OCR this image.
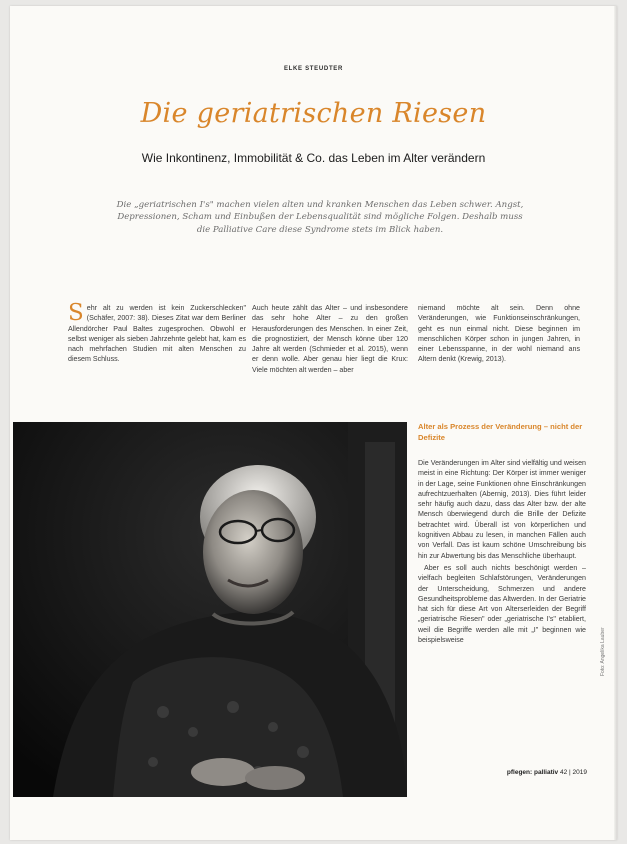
ELKE STEUDTER
Die geriatrischen Riesen
Wie Inkontinenz, Immobilität & Co. das Leben im Alter verändern
Die „geriatrischen I's" machen vielen alten und kranken Menschen das Leben schwer. Angst, Depressionen, Scham und Einbußen der Lebensqualität sind mögliche Folgen. Deshalb muss die Palliative Care diese Syndrome stets im Blick haben.
Sehr alt zu werden ist kein Zuckerschlecken" (Schäfer, 2007: 38). Dieses Zitat war dem Berliner Allendörcher Paul Baltes zugesprochen. Obwohl er selbst weniger als sieben Jahrzehnte gelebt hat, kam es nach mehrfachen Studien mit alten Menschen zu diesem Schluss.
Auch heute zählt das Alter – und insbesondere das sehr hohe Alter – zu den großen Herausforderungen des Menschen. In einer Zeit, die prognostiziert, der Mensch könne über 120 Jahre alt werden (Schmieder et al. 2015), wenn er denn wolle. Aber genau hier liegt die Krux: Viele möchten alt werden – aber
niemand möchte alt sein. Denn ohne Veränderungen, wie Funktionseinschränkungen, geht es nun einmal nicht. Diese beginnen im menschlichen Körper schon in jungen Jahren, in einer Lebensspanne, in der wohl niemand ans Altern denkt (Krewig, 2013).
Alter als Prozess der Veränderung – nicht der Defizite

Die Veränderungen im Alter sind vielfältig und weisen meist in eine Richtung: Der Körper ist immer weniger in der Lage, seine Funktionen ohne Einschränkungen aufrechtzuerhalten (Abernig, 2013). Dies führt leider sehr häufig auch dazu, dass das Alter bzw. der alte Mensch überwiegend durch die Brille der Defizite betrachtet wird. Überall ist von körperlichen und kognitiven Abbau zu lesen, in manchen Fällen auch von Verfall. Das ist kaum schöne Umschreibung bis hin zur Abwertung bis das Menschliche überhaupt.

Aber es soll auch nichts beschönigt werden – vielfach begleiten Schlafstörungen, Veränderungen der Unterscheidung, Schmerzen und andere Gesundheitsprobleme das Altwerden. In der Geriatrie hat sich für diese Art von Alterserleiden der Begriff „geriatrische Riesen" oder „geriatrische I's" etabliert, weil die Begriffe werden alle mit „I" beginnen wie beispielsweise	Foto: Angelika Lauber
pflegen: palliativ 42 | 2019
